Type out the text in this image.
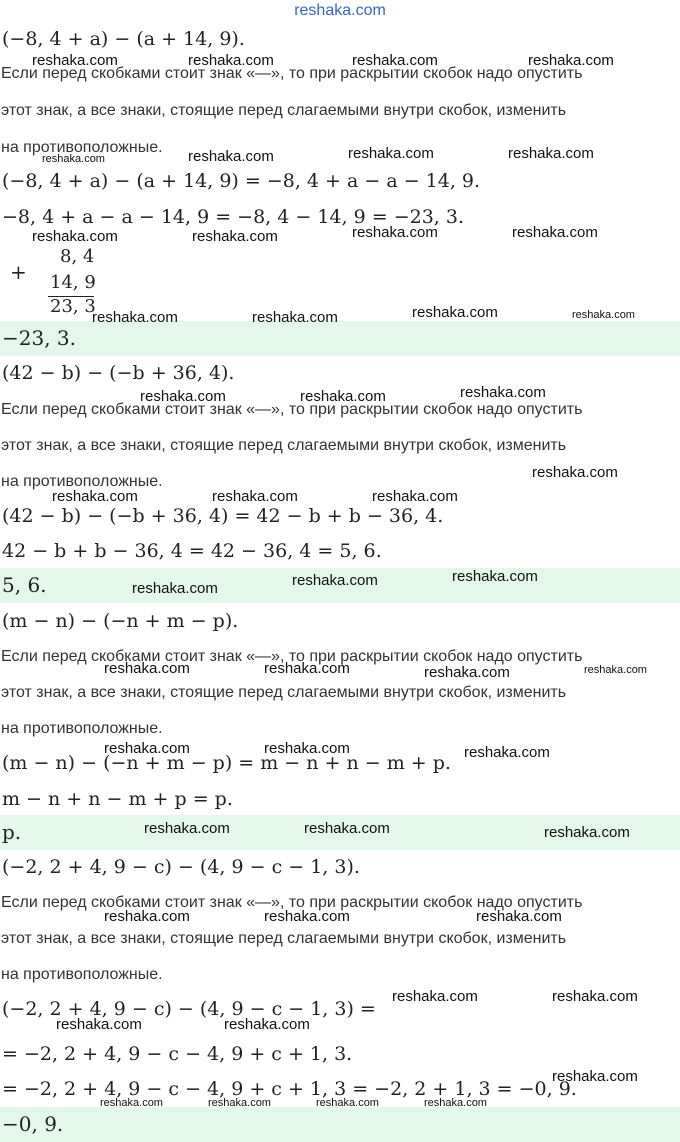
reshaka.com
(−8, 4 + a) − (a + 14, 9).
Если перед скобками стоит знак «—», то при раскрытии скобок надо опустить
этот знак, а все знаки, стоящие перед слагаемыми внутри скобок, изменить
на противоположные.
(−8, 4 + a) − (a + 14, 9) = −8, 4 + a − a − 14, 9.
−8, 4 + a − a − 14, 9 = −8, 4 − 14, 9 = −23, 3.
+
8, 4
14, 9
23, 3
−23, 3.
(42 − b) − (−b + 36, 4).
Если перед скобками стоит знак «—», то при раскрытии скобок надо опустить
этот знак, а все знаки, стоящие перед слагаемыми внутри скобок, изменить
на противоположные.
(42 − b) − (−b + 36, 4) = 42 − b + b − 36, 4.
42 − b + b − 36, 4 = 42 − 36, 4 = 5, 6.
5, 6.
(m − n) − (−n + m − p).
Если перед скобками стоит знак «—», то при раскрытии скобок надо опустить
этот знак, а все знаки, стоящие перед слагаемыми внутри скобок, изменить
на противоположные.
(m − n) − (−n + m − p) = m − n + n − m + p.
m − n + n − m + p = p.
p.
(−2, 2 + 4, 9 − c) − (4, 9 − c − 1, 3).
Если перед скобками стоит знак «—», то при раскрытии скобок надо опустить
этот знак, а все знаки, стоящие перед слагаемыми внутри скобок, изменить
на противоположные.
(−2, 2 + 4, 9 − c) − (4, 9 − c − 1, 3) =
= −2, 2 + 4, 9 − c − 4, 9 + c + 1, 3.
= −2, 2 + 4, 9 − c − 4, 9 + c + 1, 3 = −2, 2 + 1, 3 = −0, 9.
−0, 9.
reshaka.com	reshaka.com	reshaka.com	reshaka.com
reshaka.com	reshaka.com	reshaka.com	reshaka.com
reshaka.com	reshaka.com	reshaka.com	reshaka.com
reshaka.com	reshaka.com	reshaka.com	reshaka.com
reshaka.com	reshaka.com	reshaka.com
reshaka.com
reshaka.com	reshaka.com	reshaka.com
reshaka.com	reshaka.com	reshaka.com
reshaka.com	reshaka.com	reshaka.com	reshaka.com
reshaka.com	reshaka.com	reshaka.com
reshaka.com	reshaka.com	reshaka.com
reshaka.com	reshaka.com	reshaka.com
reshaka.com	reshaka.com
reshaka.com	reshaka.com
reshaka.com
reshaka.com	reshaka.com	reshaka.com	reshaka.com
